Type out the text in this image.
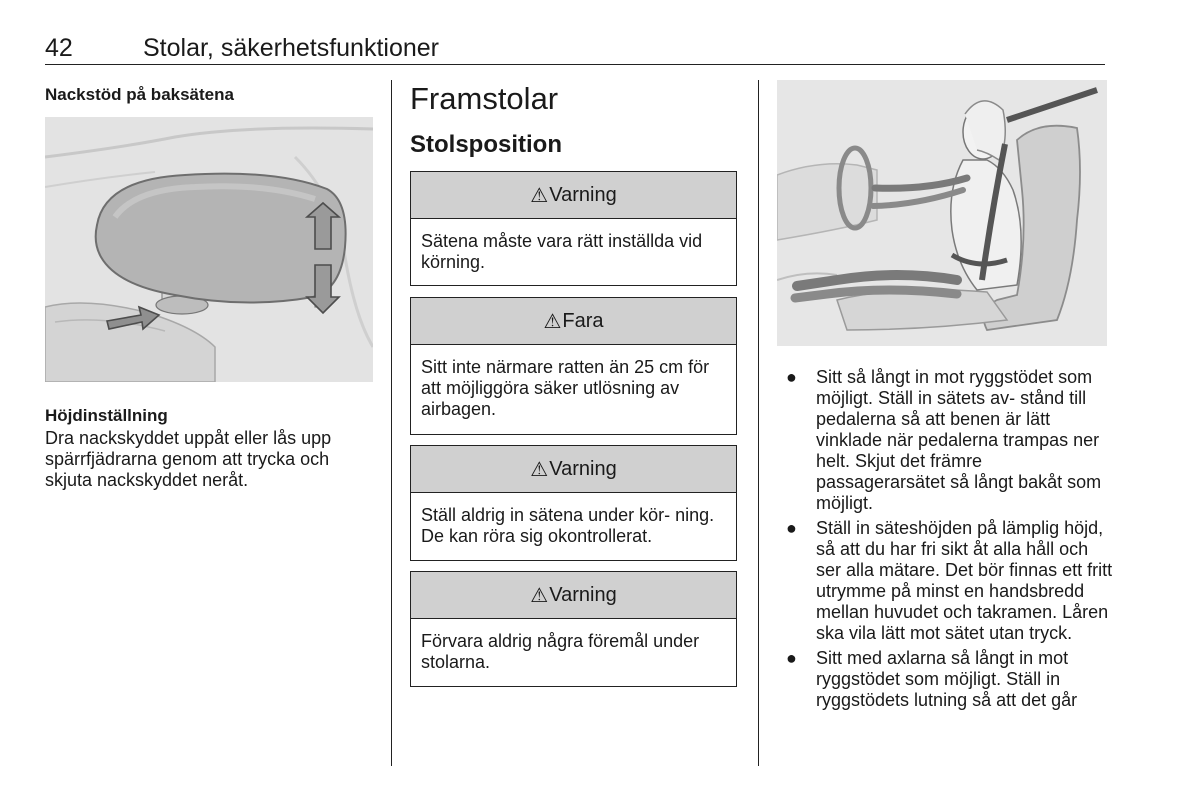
42	Stolar, säkerhetsfunktioner
Nackstöd på baksätena
Höjdinställning
Dra nackskyddet uppåt eller lås upp spärrfjädrarna genom att trycka och skjuta nackskyddet neråt.
Framstolar
Stolsposition
⚠ Varning
Sätena måste vara rätt inställda vid körning.
⚠ Fara
Sitt inte närmare ratten än 25 cm för att möjliggöra säker utlösning av airbagen.
⚠ Varning
Ställ aldrig in sätena under kör- ning. De kan röra sig okontrollerat.
⚠ Varning
Förvara aldrig några föremål under stolarna.
● Sitt så långt in mot ryggstödet som möjligt. Ställ in sätets av- stånd till pedalerna så att benen är lätt vinklade när pedalerna trampas ner helt. Skjut det främre passagerarsätet så långt bakåt som möjligt.
● Ställ in säteshöjden på lämplig höjd, så att du har fri sikt åt alla håll och ser alla mätare. Det bör finnas ett fritt utrymme på minst en handsbredd mellan huvudet och takramen. Låren ska vila lätt mot sätet utan tryck.
● Sitt med axlarna så långt in mot ryggstödet som möjligt. Ställ in ryggstödets lutning så att det går
